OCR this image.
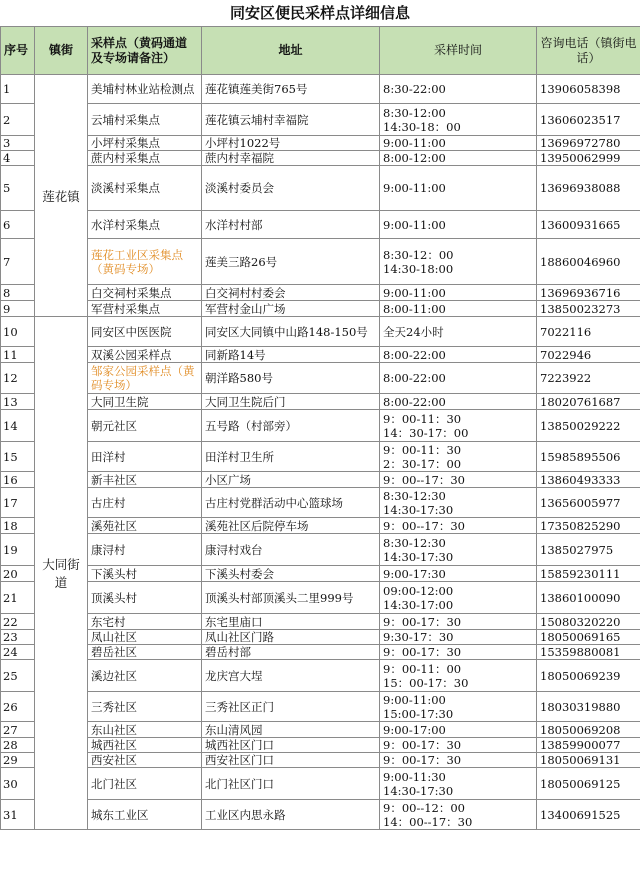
同安区便民采样点详细信息
序号	镇街	采样点（黄码通道及专场请备注）	地址	采样时间	咨询电话（镇街电话）
1	莲花镇	美埔村林业站检测点	莲花镇莲美街765号	8:30-22:00	13906058398
2		云埔村采集点	莲花镇云埔村幸福院	8:30-12:00
14:30-18：00	13606023517
3		小坪村采集点	小坪村1022号	9:00-11:00	13696972780
4		蔗内村采集点	蔗内村幸福院	8:00-12:00	13950062999
5		淡溪村采集点	淡溪村委员会	9:00-11:00	13696938088
6		水洋村采集点	水洋村村部	9:00-11:00	13600931665
7		莲花工业区采集点（黄码专场）	莲美三路26号	8:30-12：00
14:30-18:00	18860046960
8		白交祠村采集点	白交祠村村委会	9:00-11:00	13696936716
9		军营村采集点	军营村金山广场	8:00-11:00	13850023273
10	大同街道	同安区中医医院	同安区大同镇中山路148-150号	全天24小时	7022116
11		双溪公园采样点	同新路14号	8:00-22:00	7022946
12		邹家公园采样点（黄码专场）	朝洋路580号	8:00-22:00	7223922
13		大同卫生院	大同卫生院后门	8:00-22:00	18020761687
14		朝元社区	五号路（村部旁）	9：00-11：30
14：30-17：00	13850029222
15		田洋村	田洋村卫生所	9：00-11：30
2：30-17：00	15985895506
16		新丰社区	小区广场	9：00--17：30	13860493333
17		古庄村	古庄村党群活动中心篮球场	8:30-12:30
14:30-17:30	13656005977
18		溪苑社区	溪苑社区后院停车场	9：00--17：30	17350825290
19		康浔村	康浔村戏台	8:30-12:30
14:30-17:30	1385027975
20		下溪头村	下溪头村委会	9:00-17:30	15859230111
21		顶溪头村	顶溪头村部顶溪头二里999号	09:00-12:00
14:30-17:00	13860100090
22		东宅村	东宅里庙口	9：00-17：30	15080320220
23		凤山社区	凤山社区门路	9:30-17：30	18050069165
24		碧岳社区	碧岳村部	9：00-17：30	15359880081
25		溪边社区	龙庆宫大埕	9：00-11：00
15：00-17：30	18050069239
26		三秀社区	三秀社区正门	9:00-11:00
15:00-17:30	18030319880
27		东山社区	东山清风园	9:00-17:00	18050069208
28		城西社区	城西社区门口	9：00-17：30	13859900077
29		西安社区	西安社区门口	9：00-17：30	18050069131
30		北门社区	北门社区门口	9:00-11:30
14:30-17:30	18050069125
31		城东工业区	工业区内思永路	9：00--12：00
14：00--17：30	13400691525
